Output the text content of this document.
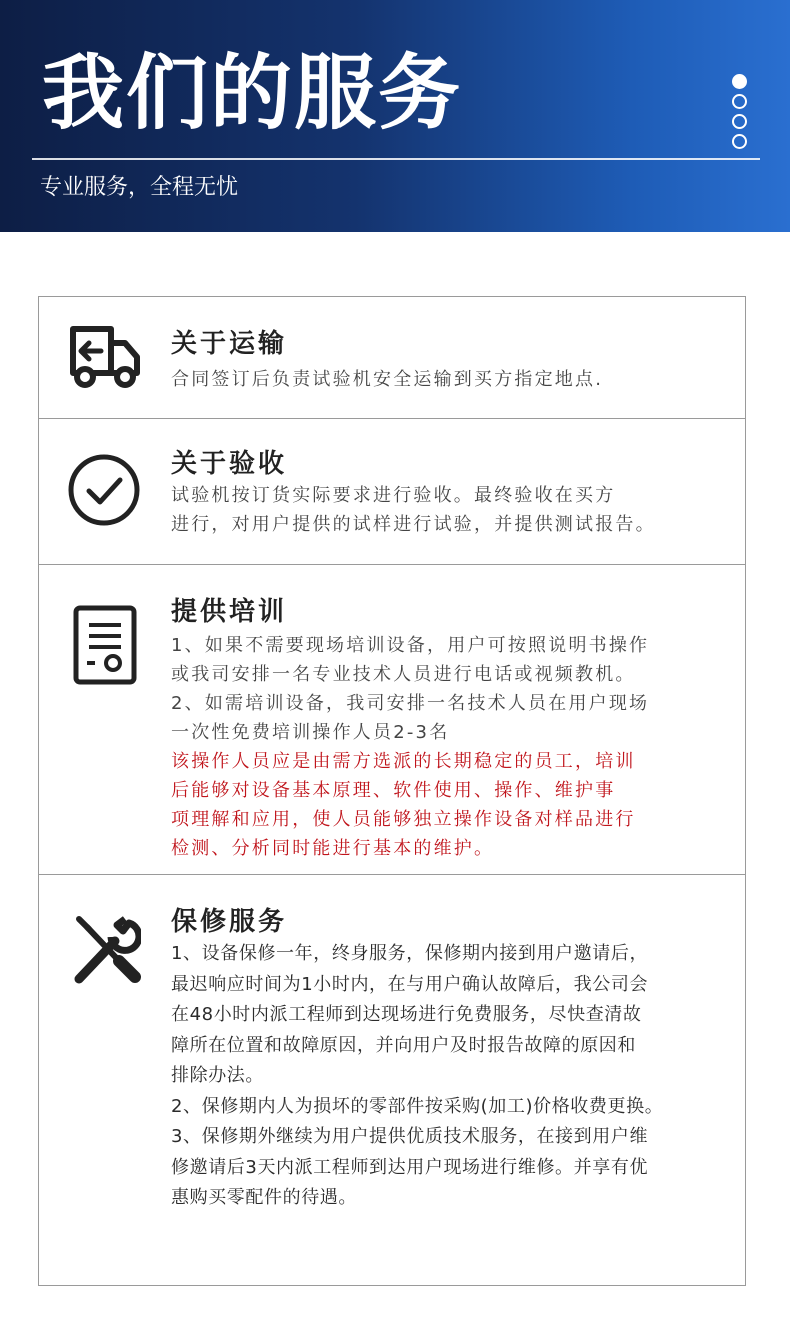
我们的服务
专业服务，全程无忧
关于运输

合同签订后负责试验机安全运输到买方指定地点.

关于验收

试验机按订货实际要求进行验收。最终验收在买方

进行，对用户提供的试样进行试验，并提供测试报告。

提供培训

1、如果不需要现场培训设备，用户可按照说明书操作

或我司安排一名专业技术人员进行电话或视频教机。

2、如需培训设备，我司安排一名技术人员在用户现场

一次性免费培训操作人员2-3名

该操作人员应是由需方选派的长期稳定的员工，培训

后能够对设备基本原理、软件使用、操作、维护事

项理解和应用，使人员能够独立操作设备对样品进行

检测、分析同时能进行基本的维护。

保修服务

1、设备保修一年，终身服务，保修期内接到用户邀请后，

最迟响应时间为1小时内，在与用户确认故障后，我公司会

在48小时内派工程师到达现场进行免费服务，尽快查清故

障所在位置和故障原因，并向用户及时报告故障的原因和

排除办法。

2、保修期内人为损坏的零部件按采购(加工)价格收费更换。

3、保修期外继续为用户提供优质技术服务，在接到用户维

修邀请后3天内派工程师到达用户现场进行维修。并享有优

惠购买零配件的待遇。
